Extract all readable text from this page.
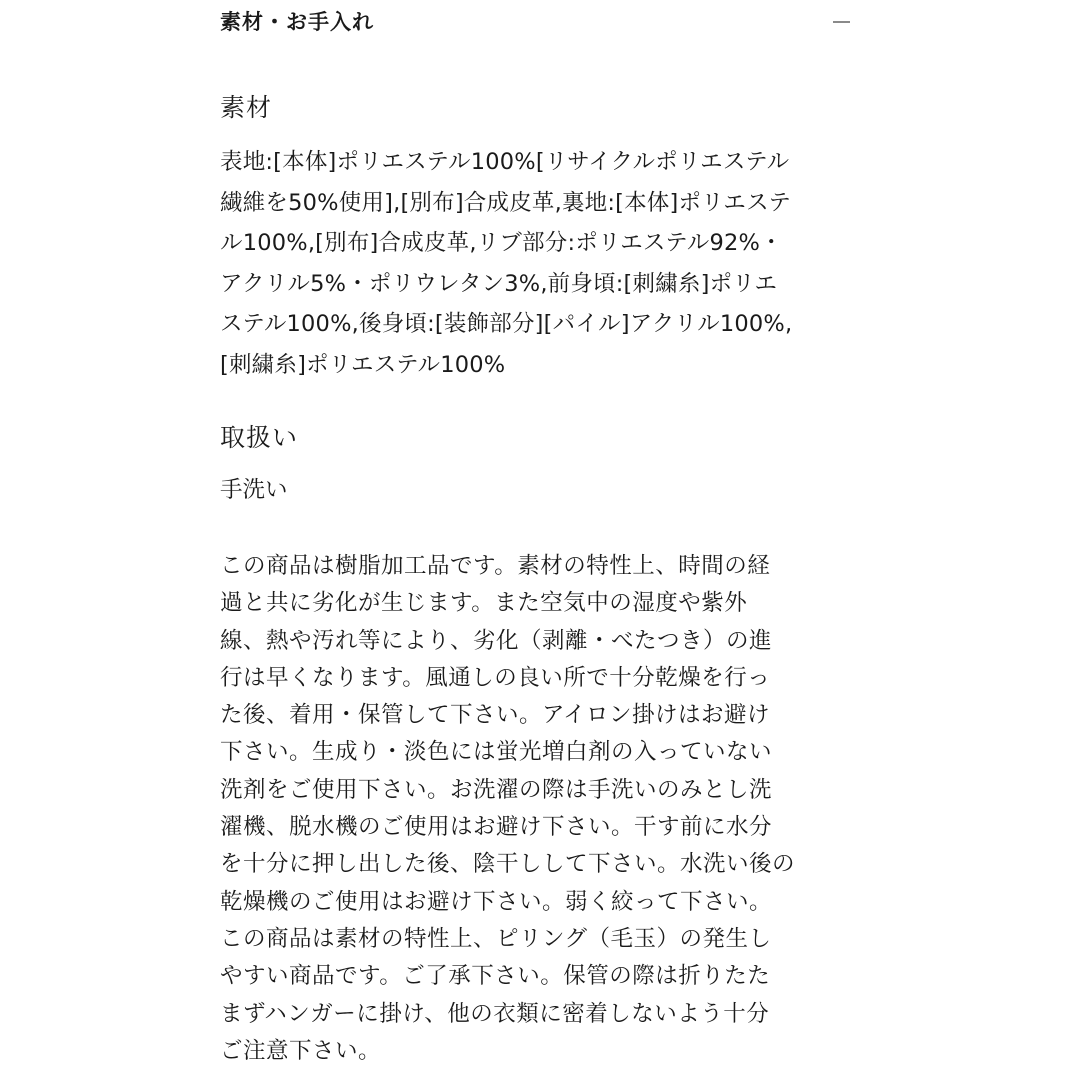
素材・お手入れ
素材
表地:[本体]ポリエステル100%[リサイクルポリエステル
繊維を50%使用],[別布]合成皮革,裏地:[本体]ポリエステ
ル100%,[別布]合成皮革,リブ部分:ポリエステル92%・
アクリル5%・ポリウレタン3%,前身頃:[刺繍糸]ポリエ
ステル100%,後身頃:[装飾部分][パイル]アクリル100%,
[刺繍糸]ポリエステル100%
取扱い
手洗い
この商品は樹脂加工品です。素材の特性上、時間の経
過と共に劣化が生じます。また空気中の湿度や紫外
線、熱や汚れ等により、劣化（剥離・べたつき）の進
行は早くなります。風通しの良い所で十分乾燥を行っ
た後、着用・保管して下さい。アイロン掛けはお避け
下さい。生成り・淡色には蛍光増白剤の入っていない
洗剤をご使用下さい。お洗濯の際は手洗いのみとし洗
濯機、脱水機のご使用はお避け下さい。干す前に水分
を十分に押し出した後、陰干しして下さい。水洗い後の
乾燥機のご使用はお避け下さい。弱く絞って下さい。
この商品は素材の特性上、ピリング（毛玉）の発生し
やすい商品です。ご了承下さい。保管の際は折りたた
まずハンガーに掛け、他の衣類に密着しないよう十分
ご注意下さい。
